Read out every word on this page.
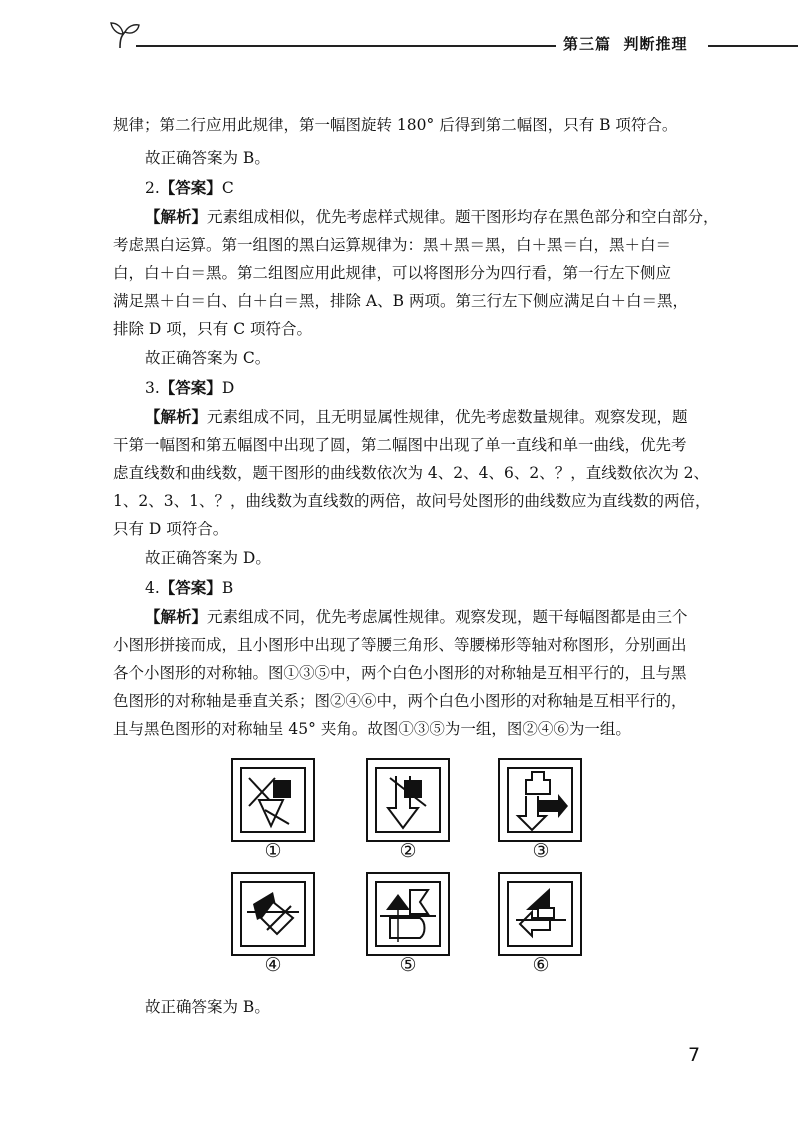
第三篇 判断推理
规律；第二行应用此规律，第一幅图旋转 180° 后得到第二幅图，只有 B 项符合。
故正确答案为 B。
2.【答案】C
【解析】元素组成相似，优先考虑样式规律。题干图形均存在黑色部分和空白部分，
考虑黑白运算。第一组图的黑白运算规律为：黑＋黑＝黑，白＋黑＝白，黑＋白＝
白，白＋白＝黑。第二组图应用此规律，可以将图形分为四行看，第一行左下侧应
满足黑＋白＝白、白＋白＝黑，排除 A、B 两项。第三行左下侧应满足白＋白＝黑，
排除 D 项，只有 C 项符合。
故正确答案为 C。
3.【答案】D
【解析】元素组成不同，且无明显属性规律，优先考虑数量规律。观察发现，题
干第一幅图和第五幅图中出现了圆，第二幅图中出现了单一直线和单一曲线，优先考
虑直线数和曲线数，题干图形的曲线数依次为 4、2、4、6、2、？，直线数依次为 2、
1、2、3、1、？，曲线数为直线数的两倍，故问号处图形的曲线数应为直线数的两倍，
只有 D 项符合。
故正确答案为 D。
4.【答案】B
【解析】元素组成不同，优先考虑属性规律。观察发现，题干每幅图都是由三个
小图形拼接而成，且小图形中出现了等腰三角形、等腰梯形等轴对称图形，分别画出
各个小图形的对称轴。图①③⑤中，两个白色小图形的对称轴是互相平行的，且与黑
色图形的对称轴是垂直关系；图②④⑥中，两个白色小图形的对称轴是互相平行的，
且与黑色图形的对称轴呈 45° 夹角。故图①③⑤为一组，图②④⑥为一组。
①	②	③
④	⑤	⑥
故正确答案为 B。
7
